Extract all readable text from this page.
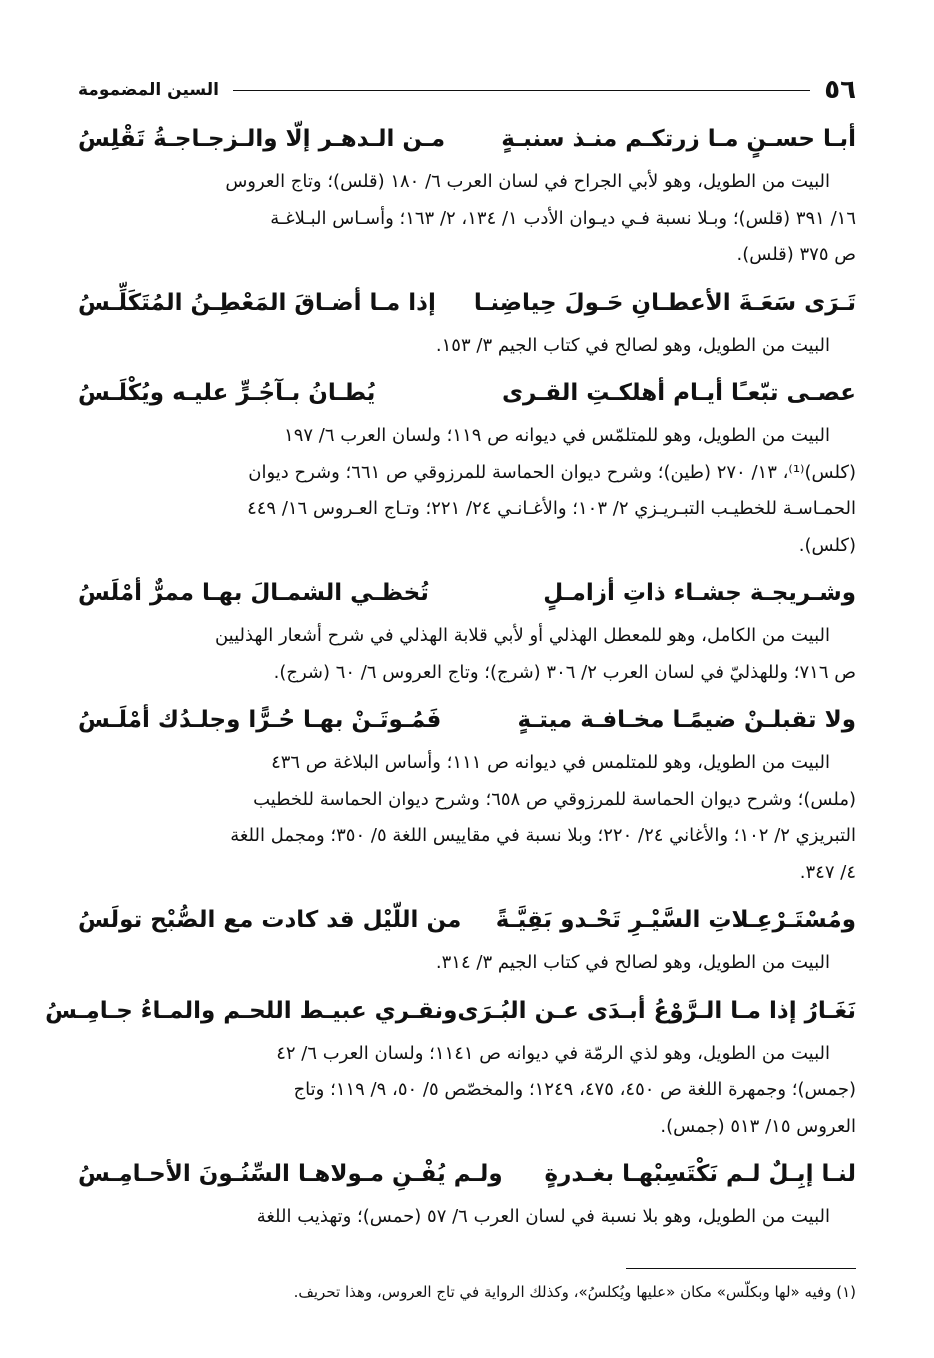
٥٦
السين المضمومة
أبـا حسـنٍ مـا زرتكـم منـذ سنبـةٍ
مـن الـدهـر إلّا والـزجـاجـةُ تَقْلِسُ
البيت من الطويل، وهو لأبي الجراح في لسان العرب ٦/ ١٨٠ (قلس)؛ وتاج العروس
١٦/ ٣٩١ (قلس)؛ وبـلا نسبة فـي ديـوان الأدب ١/ ١٣٤، ٢/ ١٦٣؛ وأسـاس البـلاغـة
ص ٣٧٥ (قلس).
تَـرَى سَعَـةَ الأعطـانِ حَـولَ حِياضِنـا
إذا مـا أضـاقَ المَعْطِـنُ المُتَكَلِّـسُ
البيت من الطويل، وهو لصالح في كتاب الجيم ٣/ ١٥٣.
عصـى تبّعـًا أيـام أهلكـتِ القـرى
يُطـانُ بـآجُـرٍّ عليـه ويُكْلَـسُ
البيت من الطويل، وهو للمتلمّس في ديوانه ص ١١٩؛ ولسان العرب ٦/ ١٩٧
(كلس)⁽¹⁾، ١٣/ ٢٧٠ (طين)؛ وشرح ديوان الحماسة للمرزوقي ص ٦٦١؛ وشرح ديوان
الحمـاسـة للخطيـب التبـريـزي ٢/ ١٠٣؛ والأغـانـي ٢٤/ ٢٢١؛ وتـاج العـروس ١٦/ ٤٤٩
(كلس).
وشـريجـة جشـاء ذاتِ أزامـلٍ
تُخظـي الشمـالَ بهـا ممرٌّ أمْلَسُ
البيت من الكامل، وهو للمعطل الهذلي أو لأبي قلابة الهذلي في شرح أشعار الهذليين
ص ٧١٦؛ وللهذليّ في لسان العرب ٢/ ٣٠٦ (شرج)؛ وتاج العروس ٦/ ٦٠ (شرج).
ولا تقبلـنْ ضيمًـا مخـافـة ميتـةٍ
فَمُـوتَـنْ بهـا حُـرًّا وجلـدُك أمْلَـسُ
البيت من الطويل، وهو للمتلمس في ديوانه ص ١١١؛ وأساس البلاغة ص ٤٣٦
(ملس)؛ وشرح ديوان الحماسة للمرزوقي ص ٦٥٨؛ وشرح ديوان الحماسة للخطيب
التبريزي ٢/ ١٠٢؛ والأغاني ٢٤/ ٢٢٠؛ وبلا نسبة في مقاييس اللغة ٥/ ٣٥٠؛ ومجمل اللغة
٤/ ٣٤٧.
ومُسْتَـرْعِـلاتِ السَّيْـرِ تَحْـدو بَقِيَّـةً
من اللّيْل قد كادت مع الصُّبْح تولَسُ
البيت من الطويل، وهو لصالح في كتاب الجيم ٣/ ٣١٤.
نَغَـارُ إذا مـا الـرَّوْعُ أبـدَى عـن البُـرَى
ونقـري عبيـط اللحـم والمـاءُ جـامِـسُ
البيت من الطويل، وهو لذي الرمّة في ديوانه ص ١١٤١؛ ولسان العرب ٦/ ٤٢
(جمس)؛ وجمهرة اللغة ص ٤٥٠، ٤٧٥، ١٢٤٩؛ والمخصّص ٥/ ٥٠، ٩/ ١١٩؛ وتاج
العروس ١٥/ ٥١٣ (جمس).
لنـا إبِـلٌ لـم نَكْتَسِبْهـا بغـدرةٍ
ولـم يُفْـنِ مـولاهـا السِّنُـونَ الأحـامِـسُ
البيت من الطويل، وهو بلا نسبة في لسان العرب ٦/ ٥٧ (حمس)؛ وتهذيب اللغة
(١) وفيه «لها وبكلّس» مكان «عليها ويُكلسُ»، وكذلك الرواية في تاج العروس، وهذا تحريف.
